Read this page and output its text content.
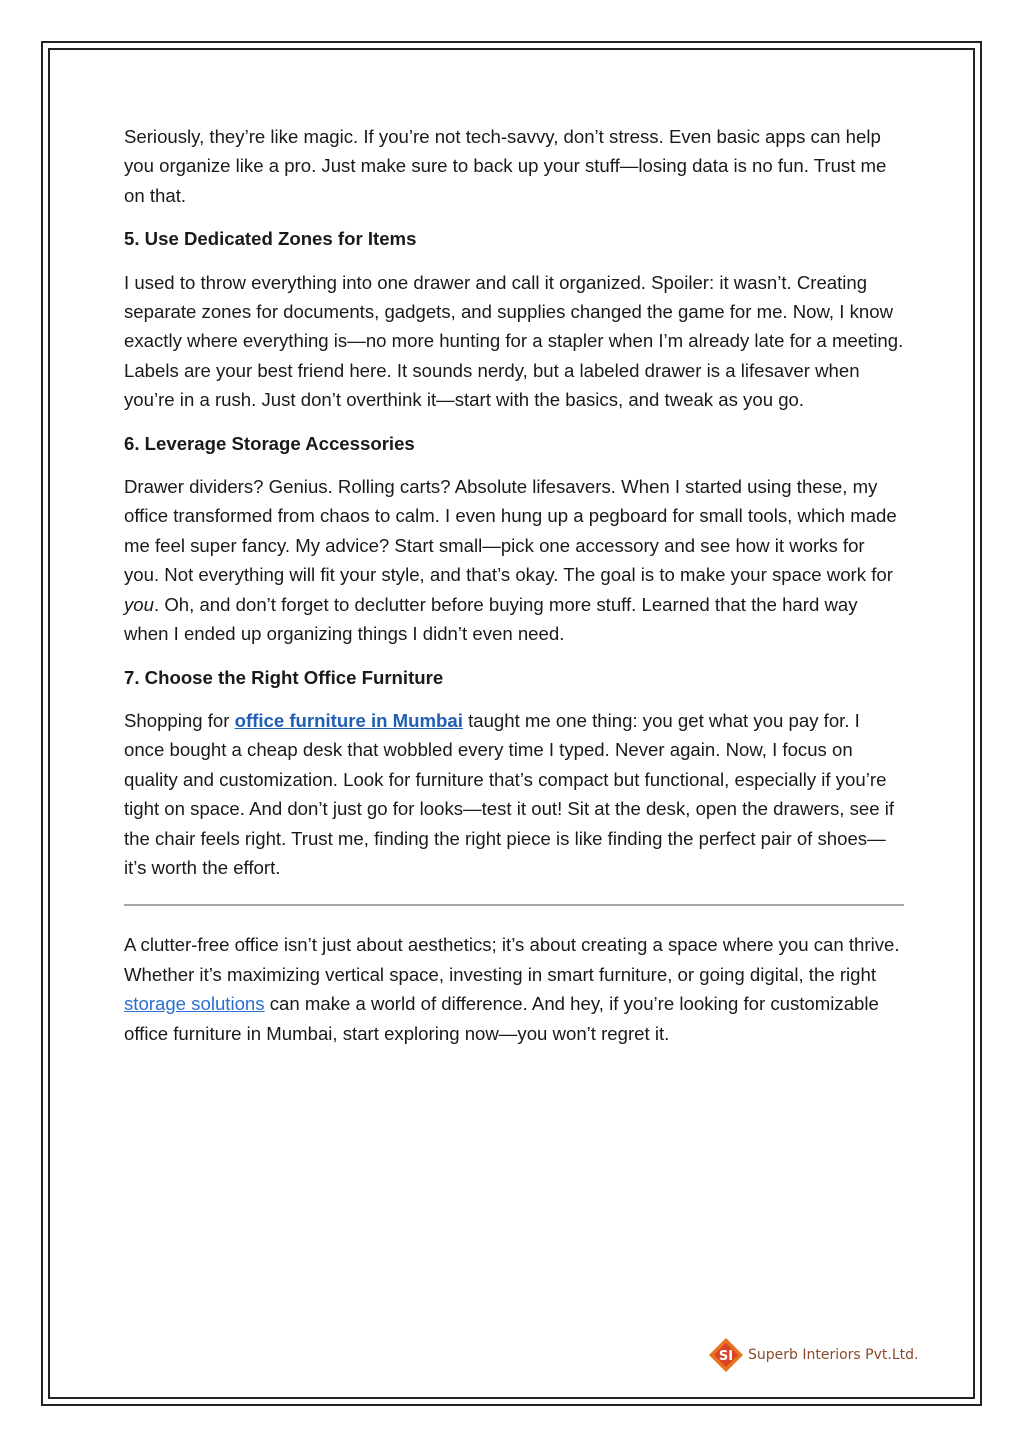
Seriously, they’re like magic. If you’re not tech-savvy, don’t stress. Even basic apps can help you organize like a pro. Just make sure to back up your stuff—losing data is no fun. Trust me on that.

5. Use Dedicated Zones for Items

I used to throw everything into one drawer and call it organized. Spoiler: it wasn’t. Creating separate zones for documents, gadgets, and supplies changed the game for me. Now, I know exactly where everything is—no more hunting for a stapler when I’m already late for a meeting. Labels are your best friend here. It sounds nerdy, but a labeled drawer is a lifesaver when you’re in a rush. Just don’t overthink it—start with the basics, and tweak as you go.

6. Leverage Storage Accessories

Drawer dividers? Genius. Rolling carts? Absolute lifesavers. When I started using these, my office transformed from chaos to calm. I even hung up a pegboard for small tools, which made me feel super fancy. My advice? Start small—pick one accessory and see how it works for you. Not everything will fit your style, and that’s okay. The goal is to make your space work for you. Oh, and don’t forget to declutter before buying more stuff. Learned that the hard way when I ended up organizing things I didn’t even need.

7. Choose the Right Office Furniture

Shopping for office furniture in Mumbai taught me one thing: you get what you pay for. I once bought a cheap desk that wobbled every time I typed. Never again. Now, I focus on quality and customization. Look for furniture that’s compact but functional, especially if you’re tight on space. And don’t just go for looks—test it out! Sit at the desk, open the drawers, see if the chair feels right. Trust me, finding the right piece is like finding the perfect pair of shoes—it’s worth the effort.

A clutter-free office isn’t just about aesthetics; it’s about creating a space where you can thrive. Whether it’s maximizing vertical space, investing in smart furniture, or going digital, the right storage solutions can make a world of difference. And hey, if you’re looking for customizable office furniture in Mumbai, start exploring now—you won’t regret it.

SI Superb Interiors Pvt.Ltd.
